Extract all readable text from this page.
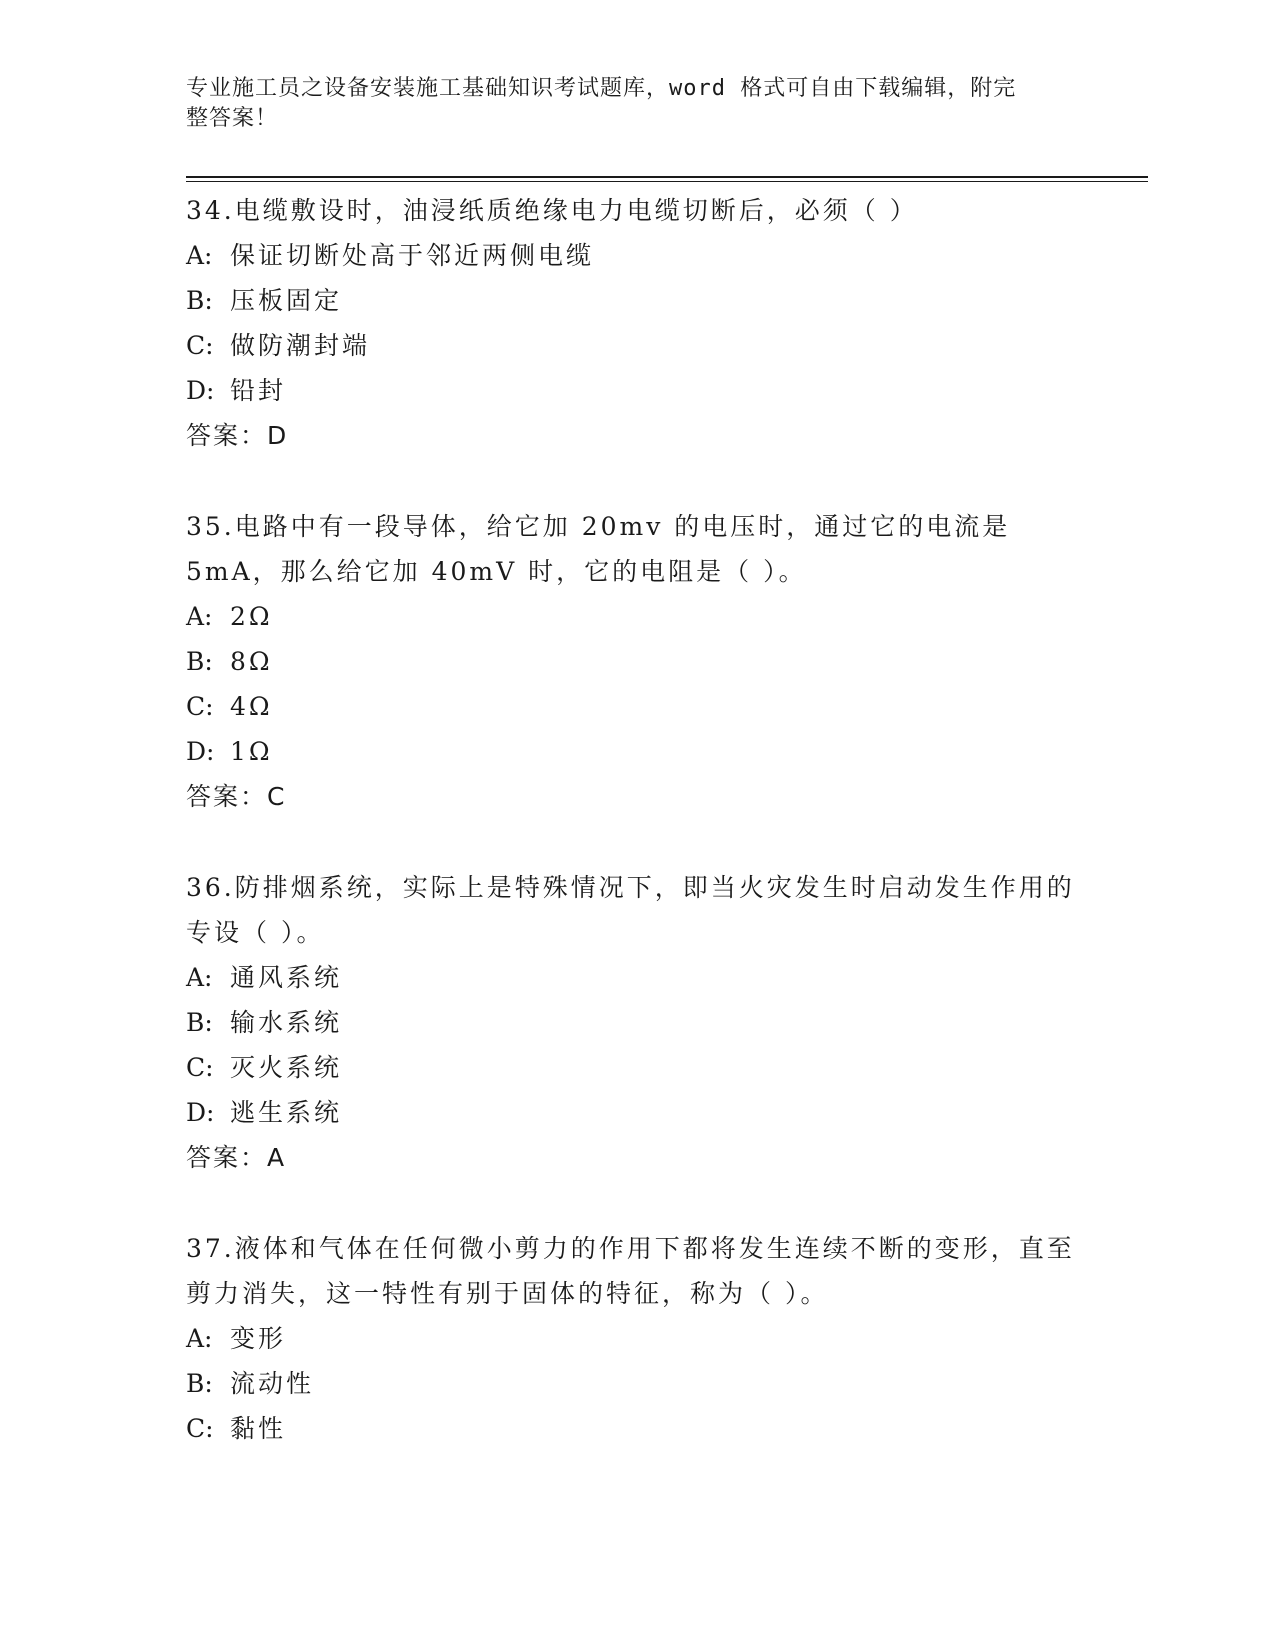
专业施工员之设备安装施工基础知识考试题库，word 格式可自由下载编辑，附完
整答案！

34.电缆敷设时，油浸纸质绝缘电力电缆切断后，必须（ ）

A: 保证切断处高于邻近两侧电缆

B: 压板固定

C: 做防潮封端

D: 铅封

答案：D

35.电路中有一段导体，给它加 20mv 的电压时，通过它的电流是 5mA，那么给它加 40mV 时，它的电阻是（ ）。

A: 2Ω

B: 8Ω

C: 4Ω

D: 1Ω

答案：C

36.防排烟系统，实际上是特殊情况下，即当火灾发生时启动发生作用的专设（ ）。

A: 通风系统

B: 输水系统

C: 灭火系统

D: 逃生系统

答案：A

37.液体和气体在任何微小剪力的作用下都将发生连续不断的变形，直至剪力消失，这一特性有别于固体的特征，称为（ ）。

A: 变形

B: 流动性

C: 黏性
